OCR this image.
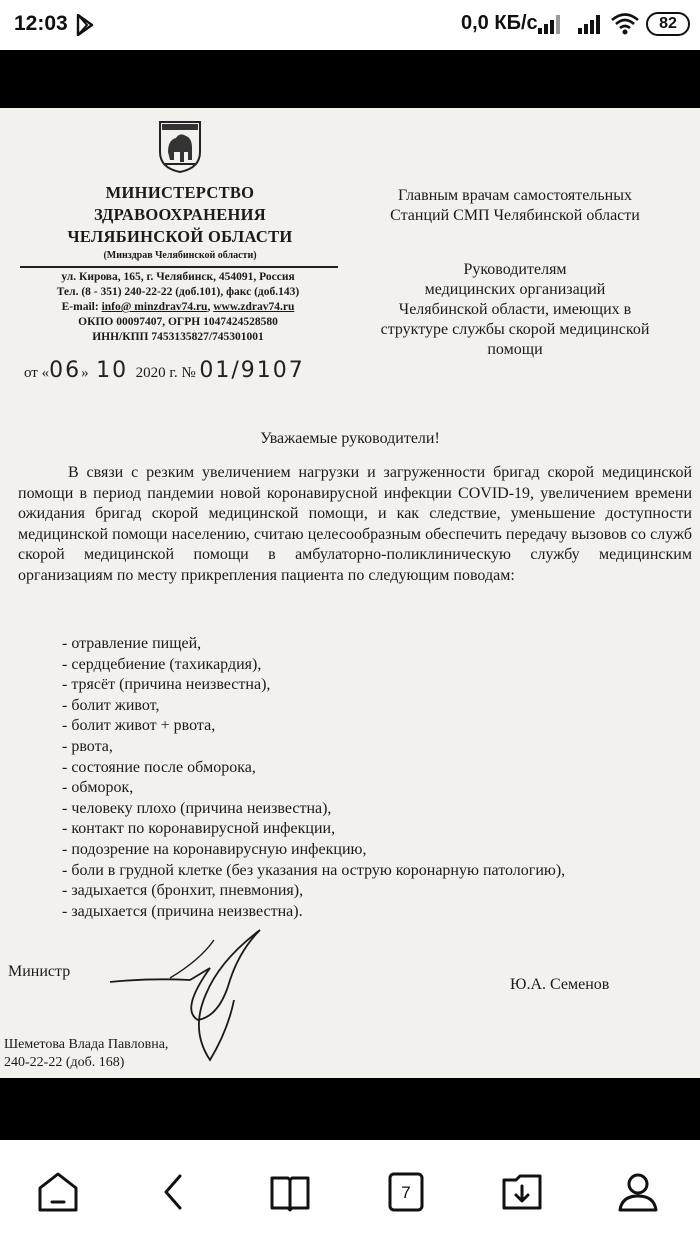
12:03	0,0 КБ/с	82
МИНИСТЕРСТВО
ЗДРАВООХРАНЕНИЯ
ЧЕЛЯБИНСКОЙ ОБЛАСТИ
(Минздрав Челябинской области)
ул. Кирова, 165, г. Челябинск, 454091, Россия
Тел. (8 - 351) 240-22-22 (доб.101), факс (доб.143)
E-mail: info@ minzdrav74.ru, www.zdrav74.ru
ОКПО 00097407, ОГРН 1047424528580
ИНН/КПП 7453135827/745301001
от «06» 10 2020 г. № 01/9107

Главным врачам самостоятельных

Станций СМП Челябинской области

Руководителям

медицинских организаций

Челябинской области, имеющих в

структуре службы скорой медицинской

помощи

Уважаемые руководители!

В связи с резким увеличением нагрузки и загруженности бригад скорой медицинской помощи в период пандемии новой коронавирусной инфекции COVID-19, увеличением времени ожидания бригад скорой медицинской помощи, и как следствие, уменьшение доступности медицинской помощи населению, считаю целесообразным обеспечить передачу вызовов со служб скорой медицинской помощи в амбулаторно-поликлиническую службу медицинским организациям по месту прикрепления пациента по следующим поводам:

- отравление пищей,
- сердцебиение (тахикардия),
- трясёт (причина неизвестна),
- болит живот,
- болит живот + рвота,
- рвота,
- состояние после обморока,
- обморок,
- человеку плохо (причина неизвестна),
- контакт по коронавирусной инфекции,
- подозрение на коронавирусную инфекцию,
- боли в грудной клетке (без указания на острую коронарную патологию),
- задыхается (бронхит, пневмония),
- задыхается (причина неизвестна).
Министр
Ю.А. Семенов
Шеметова Влада Павловна,
240-22-22 (доб. 168)
7
